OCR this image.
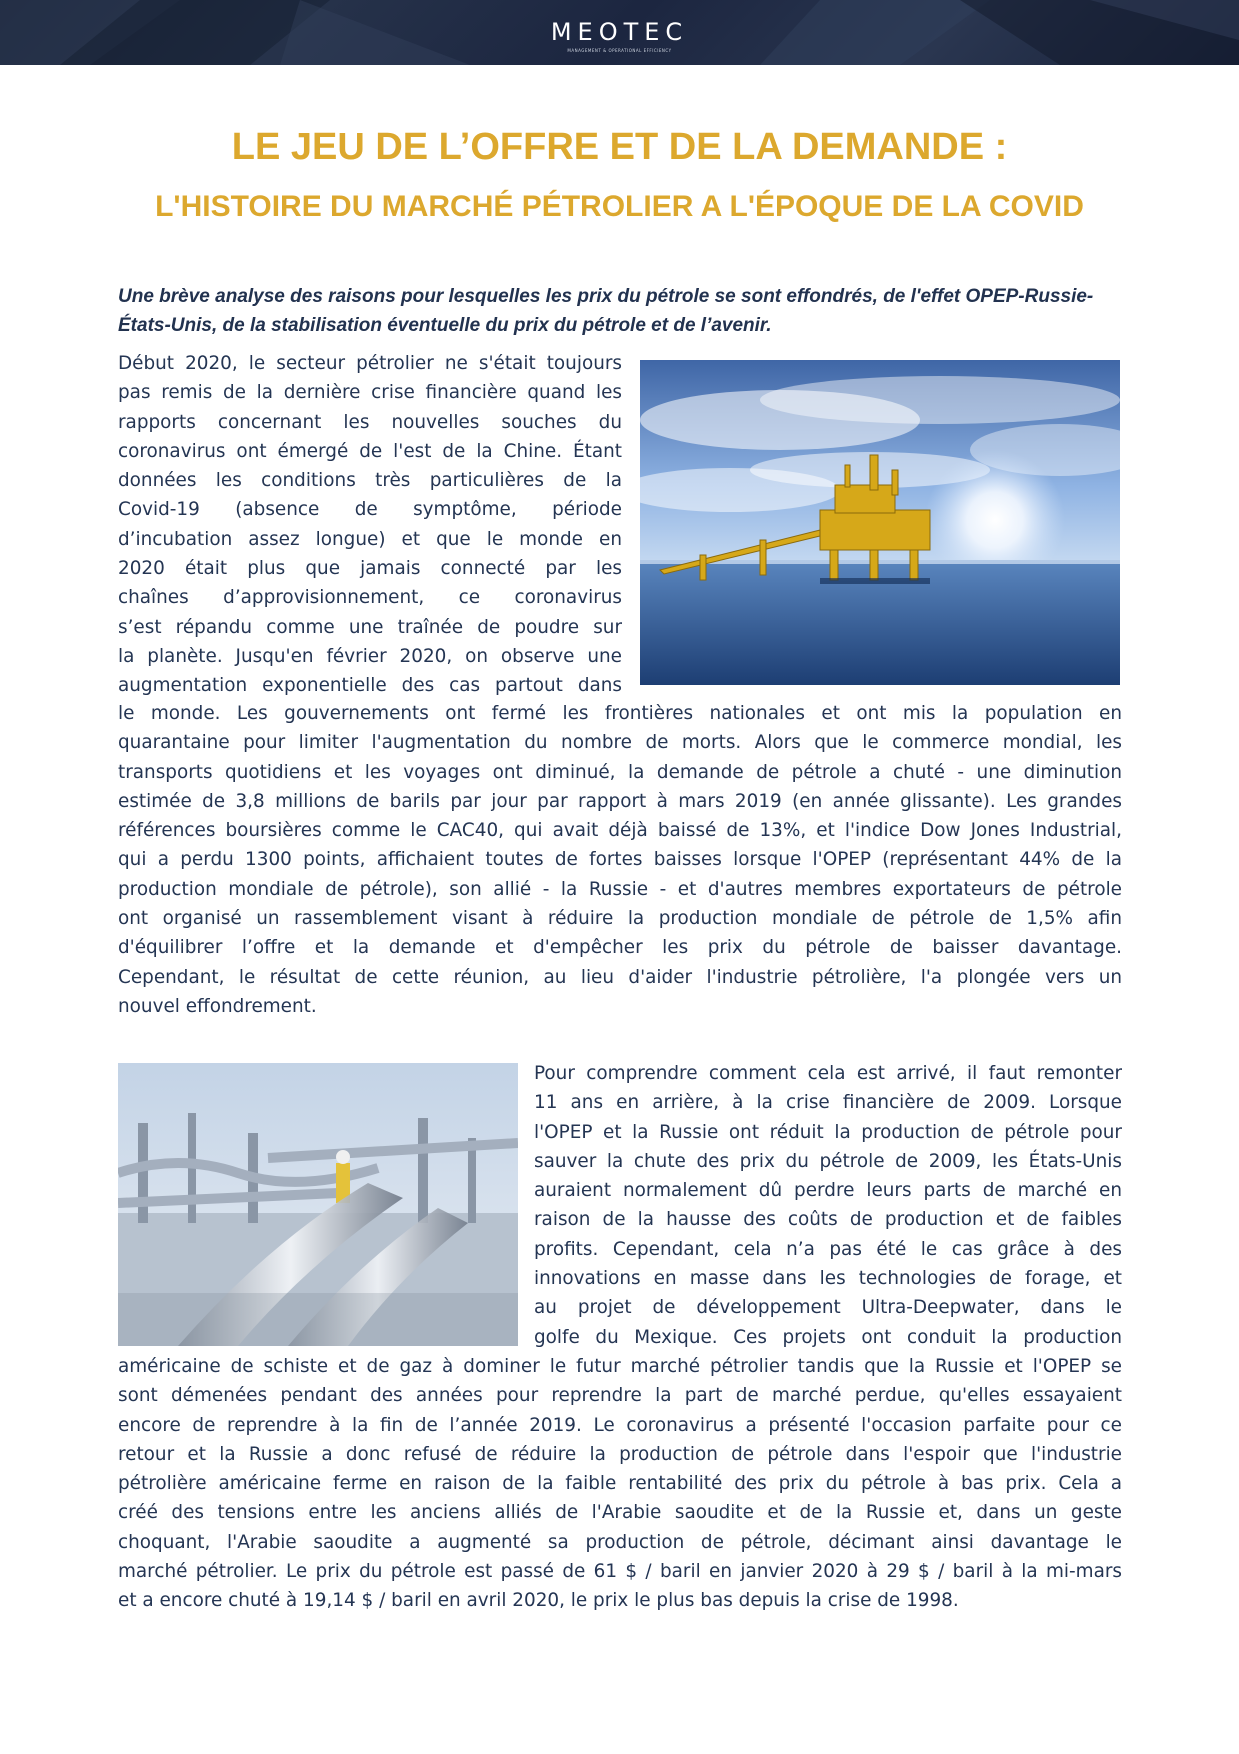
MEOTEC
MANAGEMENT & OPERATIONAL EFFICIENCY
LE JEU DE L’OFFRE ET DE LA DEMANDE :
L'HISTOIRE DU MARCHÉ PÉTROLIER A L'ÉPOQUE DE LA COVID
Une brève analyse des raisons pour lesquelles les prix du pétrole se sont effondrés, de l'effet OPEP-Russie-États-Unis, de la stabilisation éventuelle du prix du pétrole et de l’avenir.
Début 2020, le secteur pétrolier ne s'était toujours
pas remis de la dernière crise financière quand les
rapports concernant les nouvelles souches du
coronavirus ont émergé de l'est de la Chine. Étant
données les conditions très particulières de la
Covid-19 (absence de symptôme, période
d’incubation assez longue) et que le monde en
2020 était plus que jamais connecté par les
chaînes d’approvisionnement, ce coronavirus
s’est répandu comme une traînée de poudre sur
la planète. Jusqu'en février 2020, on observe une
augmentation exponentielle des cas partout dans
le monde. Les gouvernements ont fermé les frontières nationales et ont mis la population en
quarantaine pour limiter l'augmentation du nombre de morts. Alors que le commerce mondial, les
transports quotidiens et les voyages ont diminué, la demande de pétrole a chuté - une diminution
estimée de 3,8 millions de barils par jour par rapport à mars 2019 (en année glissante). Les grandes
références boursières comme le CAC40, qui avait déjà baissé de 13%, et l'indice Dow Jones Industrial,
qui a perdu 1300 points, affichaient toutes de fortes baisses lorsque l'OPEP (représentant 44% de la
production mondiale de pétrole), son allié - la Russie - et d'autres membres exportateurs de pétrole
ont organisé un rassemblement visant à réduire la production mondiale de pétrole de 1,5% afin
d'équilibrer l’offre et la demande et d'empêcher les prix du pétrole de baisser davantage.
Cependant, le résultat de cette réunion, au lieu d'aider l'industrie pétrolière, l'a plongée vers un
nouvel effondrement.
Pour comprendre comment cela est arrivé, il faut remonter
11 ans en arrière, à la crise financière de 2009. Lorsque
l'OPEP et la Russie ont réduit la production de pétrole pour
sauver la chute des prix du pétrole de 2009, les États-Unis
auraient normalement dû perdre leurs parts de marché en
raison de la hausse des coûts de production et de faibles
profits. Cependant, cela n’a pas été le cas grâce à des
innovations en masse dans les technologies de forage, et
au projet de développement Ultra-Deepwater, dans le
golfe du Mexique. Ces projets ont conduit la production
américaine de schiste et de gaz à dominer le futur marché pétrolier tandis que la Russie et l'OPEP se
sont démenées pendant des années pour reprendre la part de marché perdue, qu'elles essayaient
encore de reprendre à la fin de l’année 2019. Le coronavirus a présenté l'occasion parfaite pour ce
retour et la Russie a donc refusé de réduire la production de pétrole dans l'espoir que l'industrie
pétrolière américaine ferme en raison de la faible rentabilité des prix du pétrole à bas prix. Cela a
créé des tensions entre les anciens alliés de l'Arabie saoudite et de la Russie et, dans un geste
choquant, l'Arabie saoudite a augmenté sa production de pétrole, décimant ainsi davantage le
marché pétrolier. Le prix du pétrole est passé de 61 $ / baril en janvier 2020 à 29 $ / baril à la mi-mars
et a encore chuté à 19,14 $ / baril en avril 2020, le prix le plus bas depuis la crise de 1998.
